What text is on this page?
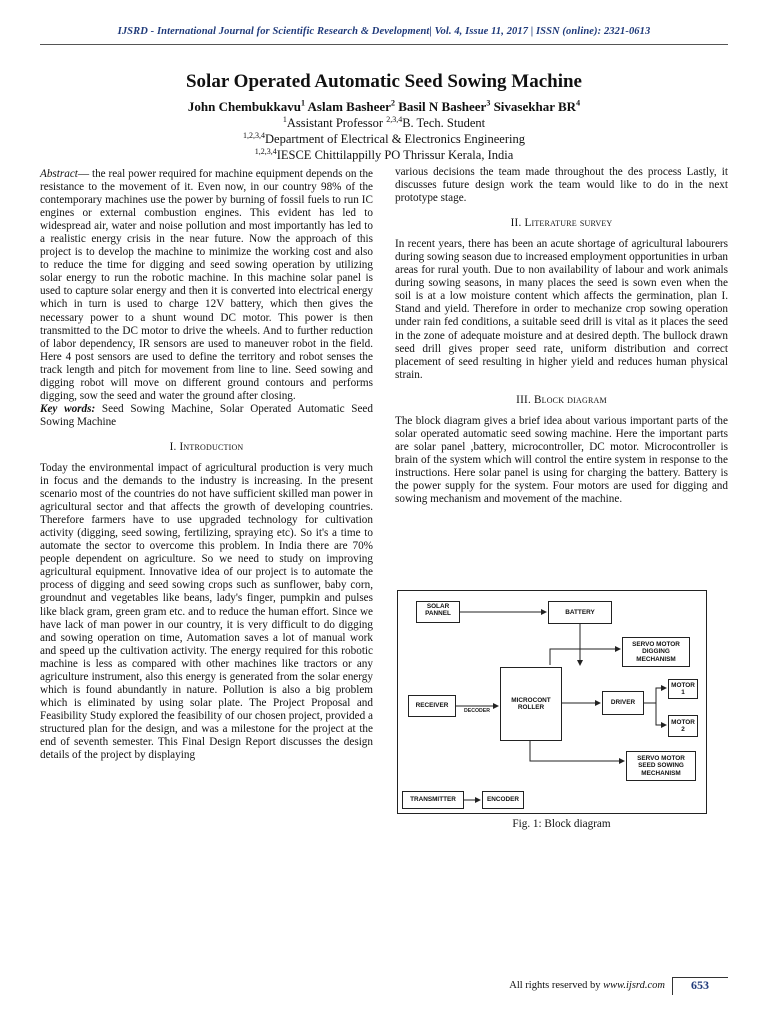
IJSRD - International Journal for Scientific Research & Development| Vol. 4, Issue 11, 2017 | ISSN (online): 2321-0613
Solar Operated Automatic Seed Sowing Machine
John Chembukkavu$^1$ Aslam Basheer$^2$ Basil N Basheer$^3$ Sivasekhar $BR^4$
$^1$Assistant Professor $^{2,3,4}$B. Tech. Student
$^{1,2,3,4}$Department of Electrical & Electronics Engineering
$^{1,2,3,4}$IESCE Chittilappilly PO Thrissur Kerala, India

Abstract— the real power required for machine equipment depends on the resistance to the movement of it. Even now, in our country 98% of the contemporary machines use the power by burning of fossil fuels to run IC engines or external combustion engines. This evident has led to widespread air, water and noise pollution and most importantly has led to a realistic energy crisis in the near future. Now the approach of this project is to develop the machine to minimize the working cost and also to reduce the time for digging and seed sowing operation by utilizing solar energy to run the robotic machine. In this machine solar panel is used to capture solar energy and then it is converted into electrical energy which in turn is used to charge 12V battery, which then gives the necessary power to a shunt wound DC motor. This power is then transmitted to the DC motor to drive the wheels. And to further reduction of labor dependency, IR sensors are used to maneuver robot in the field. Here 4 post sensors are used to define the territory and robot senses the track length and pitch for movement from line to line. Seed sowing and digging robot will move on different ground contours and performs digging, sow the seed and water the ground after closing.

Key words: Seed Sowing Machine, Solar Operated Automatic Seed Sowing Machine

I. Introduction

Today the environmental impact of agricultural production is very much in focus and the demands to the industry is increasing. In the present scenario most of the countries do not have sufficient skilled man power in agricultural sector and that affects the growth of developing countries. Therefore farmers have to use upgraded technology for cultivation activity (digging, seed sowing, fertilizing, spraying etc). So it's a time to automate the sector to overcome this problem. In India there are 70% people dependent on agriculture. So we need to study on improving agricultural equipment. Innovative idea of our project is to automate the process of digging and seed sowing crops such as sunflower, baby corn, groundnut and vegetables like beans, lady's finger, pumpkin and pulses like black gram, green gram etc. and to reduce the human effort. Since we have lack of man power in our country, it is very difficult to do digging and sowing operation on time, Automation saves a lot of manual work and speed up the cultivation activity. The energy required for this robotic machine is less as compared with other machines like tractors or any agriculture instrument, also this energy is generated from the solar energy which is found abundantly in nature. Pollution is also a big problem which is eliminated by using solar plate. The Project Proposal and Feasibility Study explored the feasibility of our chosen project, provided a structured plan for the design, and was a milestone for the project at the end of seventh semester. This Final Design Report discusses the design details of the project by displaying

various decisions the team made throughout the des process Lastly, it discusses future design work the team would like to do in the next prototype stage.

II. Literature survey

In recent years, there has been an acute shortage of agricultural labourers during sowing season due to increased employment opportunities in urban areas for rural youth. Due to non availability of labour and work animals during sowing seasons, in many places the seed is sown even when the soil is at a low moisture content which affects the germination, plan I. Stand and yield. Therefore in order to mechanize crop sowing operation under rain fed conditions, a suitable seed drill is vital as it places the seed in the zone of adequate moisture and at desired depth. The bullock drawn seed drill gives proper seed rate, uniform distribution and correct placement of seed resulting in higher yield and reduces human physical strain.

III. Block diagram

The block diagram gives a brief idea about various important parts of the solar operated automatic seed sowing machine. Here the important parts are solar panel ,battery, microcontroller, DC motor. Microcontroller is brain of the system which will control the entire system in response to the instructions. Here solar panel is using for charging the battery. Battery is the power supply for the system. Four motors are used for digging and sowing mechanism and movement of the machine.

SOLAR PANNEL	BATTERY
SERVO MOTOR DIGGING MECHANISM
RECEIVER
DECODER
MICROCONT ROLLER
DRIVER
MOTOR 1
MOTOR 2
SERVO MOTOR SEED SOWING MECHANISM
TRANSMITTER	ENCODER
Fig. 1: Block diagram
All rights reserved by www.ijsrd.com	653
